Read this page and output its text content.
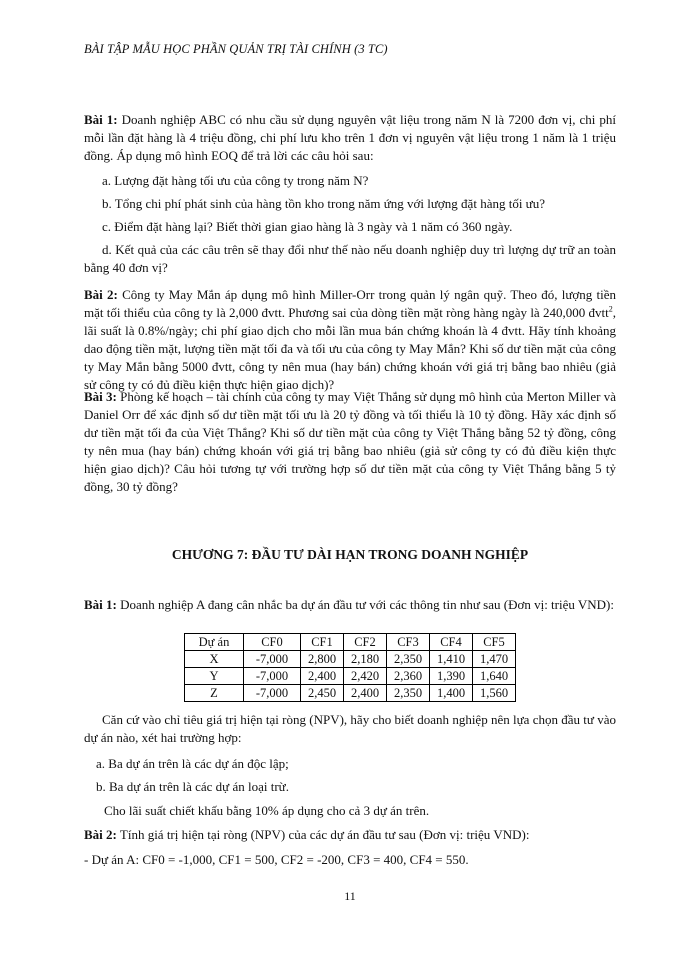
BÀI TẬP MẪU HỌC PHẦN QUẢN TRỊ TÀI CHÍNH (3 TC)
Bài 1: Doanh nghiệp ABC có nhu cầu sử dụng nguyên vật liệu trong năm N là 7200 đơn vị, chi phí mỗi lần đặt hàng là 4 triệu đồng, chi phí lưu kho trên 1 đơn vị nguyên vật liệu trong 1 năm là 1 triệu đồng. Áp dụng mô hình EOQ để trả lời các câu hỏi sau:
a. Lượng đặt hàng tối ưu của công ty trong năm N?
b. Tổng chi phí phát sinh của hàng tồn kho trong năm ứng với lượng đặt hàng tối ưu?
c. Điểm đặt hàng lại? Biết thời gian giao hàng là 3 ngày và 1 năm có 360 ngày.
d. Kết quả của các câu trên sẽ thay đổi như thế nào nếu doanh nghiệp duy trì lượng dự trữ an toàn bằng 40 đơn vị?
Bài 2: Công ty May Mắn áp dụng mô hình Miller-Orr trong quản lý ngân quỹ. Theo đó, lượng tiền mặt tối thiểu của công ty là 2,000 đvtt. Phương sai của dòng tiền mặt ròng hàng ngày là 240,000 đvtt$^2$, lãi suất là 0.8%/ngày; chi phí giao dịch cho mỗi lần mua bán chứng khoán là 4 đvtt. Hãy tính khoảng dao động tiền mặt, lượng tiền mặt tối đa và tối ưu của công ty May Mắn? Khi số dư tiền mặt của công ty May Mắn bằng 5000 đvtt, công ty nên mua (hay bán) chứng khoán với giá trị bằng bao nhiêu (giả sử công ty có đủ điều kiện thực hiện giao dịch)?
Bài 3: Phòng kế hoạch – tài chính của công ty may Việt Thắng sử dụng mô hình của Merton Miller và Daniel Orr để xác định số dư tiền mặt tối ưu là 20 tỷ đồng và tối thiểu là 10 tỷ đồng. Hãy xác định số dư tiền mặt tối đa của Việt Thắng? Khi số dư tiền mặt của công ty Việt Thắng bằng 52 tỷ đồng, công ty nên mua (hay bán) chứng khoán với giá trị bằng bao nhiêu (giả sử công ty có đủ điều kiện thực hiện giao dịch)? Câu hỏi tương tự với trường hợp số dư tiền mặt của công ty Việt Thắng bằng 5 tỷ đồng, 30 tỷ đồng?
CHƯƠNG 7: ĐẦU TƯ DÀI HẠN TRONG DOANH NGHIỆP
Bài 1: Doanh nghiệp A đang cân nhắc ba dự án đầu tư với các thông tin như sau (Đơn vị: triệu VND):
Dự án	CF0	CF1	CF2	CF3	CF4	CF5
X	-7,000	2,800	2,180	2,350	1,410	1,470
Y	-7,000	2,400	2,420	2,360	1,390	1,640
Z	-7,000	2,450	2,400	2,350	1,400	1,560
Căn cứ vào chỉ tiêu giá trị hiện tại ròng (NPV), hãy cho biết doanh nghiệp nên lựa chọn đầu tư vào dự án nào, xét hai trường hợp:
a. Ba dự án trên là các dự án độc lập;
b. Ba dự án trên là các dự án loại trừ.
Cho lãi suất chiết khấu bằng 10% áp dụng cho cả 3 dự án trên.
Bài 2: Tính giá trị hiện tại ròng (NPV) của các dự án đầu tư sau (Đơn vị: triệu VND):
- Dự án A: CF0 = -1,000, CF1 = 500, CF2 = -200, CF3 = 400, CF4 = 550.
11
